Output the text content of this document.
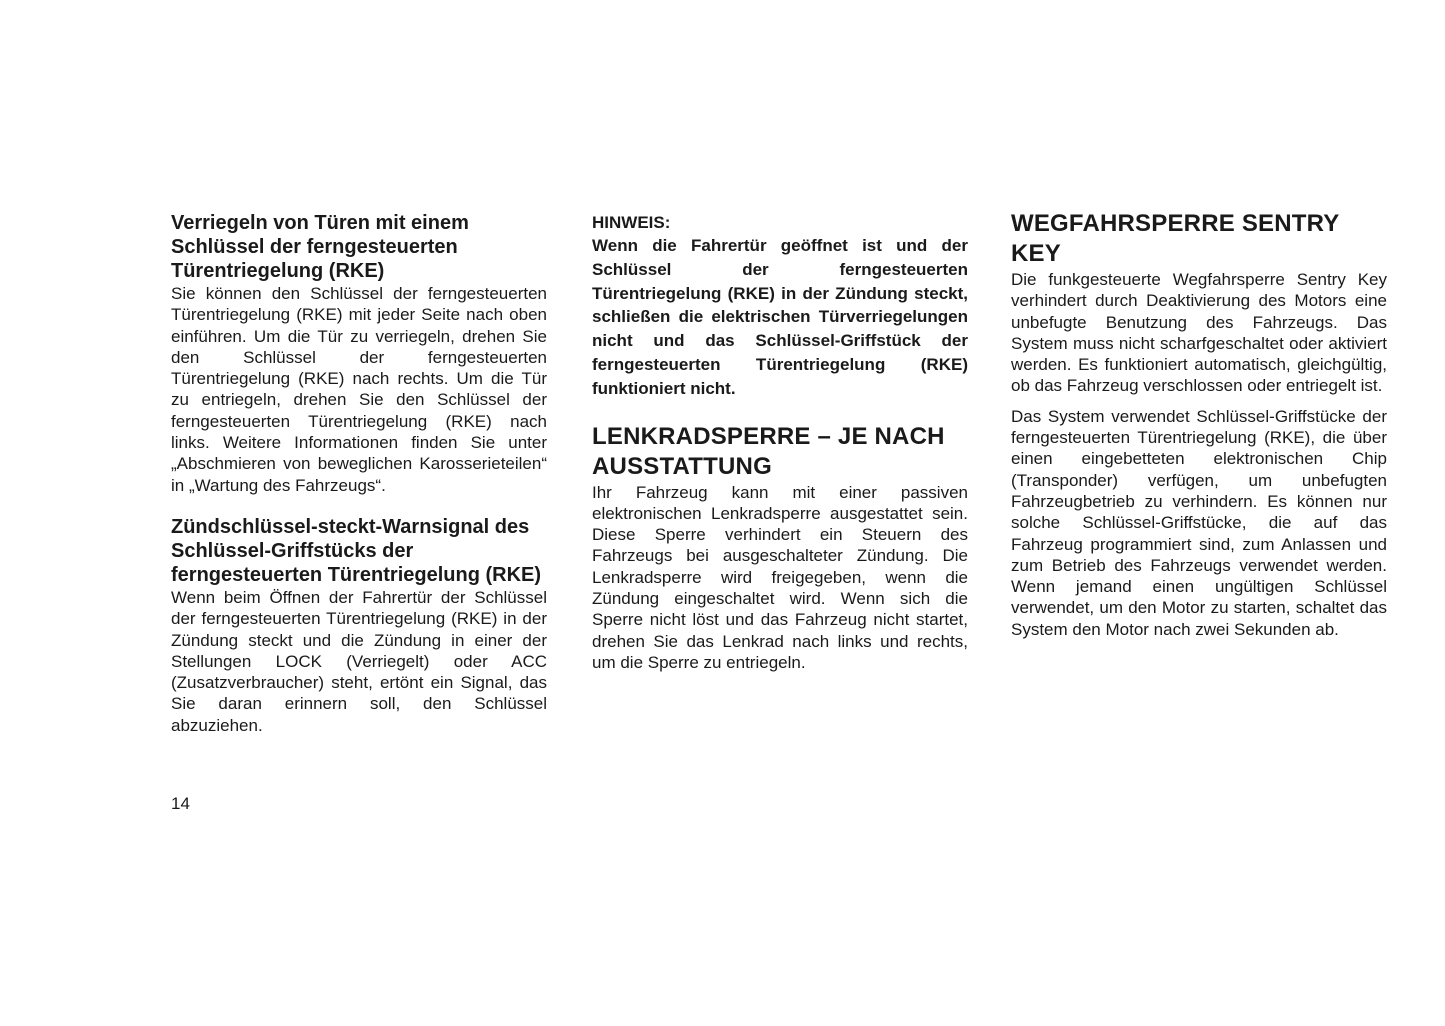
Verriegeln von Türen mit einem Schlüssel der ferngesteuerten Türentriegelung (RKE)

Sie können den Schlüssel der ferngesteuerten Türentriegelung (RKE) mit jeder Seite nach oben einführen. Um die Tür zu verriegeln, drehen Sie den Schlüssel der ferngesteuerten Türentriegelung (RKE) nach rechts. Um die Tür zu entriegeln, drehen Sie den Schlüssel der ferngesteuerten Türentriegelung (RKE) nach links. Weitere Informationen finden Sie unter „Abschmieren von beweglichen Karosserieteilen“ in „Wartung des Fahrzeugs“.

Zündschlüssel-steckt-Warnsignal des Schlüssel-Griffstücks der ferngesteuerten Türentriegelung (RKE)

Wenn beim Öffnen der Fahrertür der Schlüssel der ferngesteuerten Türentriegelung (RKE) in der Zündung steckt und die Zündung in einer der Stellungen LOCK (Verriegelt) oder ACC (Zusatzverbraucher) steht, ertönt ein Signal, das Sie daran erinnern soll, den Schlüssel abzuziehen.

HINWEIS:
Wenn die Fahrertür geöffnet ist und der Schlüssel der ferngesteuerten Türentriegelung (RKE) in der Zündung steckt, schließen die elektrischen Türverriegelungen nicht und das Schlüssel-Griffstück der ferngesteuerten Türentriegelung (RKE) funktioniert nicht.
LENKRADSPERRE – JE NACH AUSSTATTUNG

Ihr Fahrzeug kann mit einer passiven elektronischen Lenkradsperre ausgestattet sein. Diese Sperre verhindert ein Steuern des Fahrzeugs bei ausgeschalteter Zündung. Die Lenkradsperre wird freigegeben, wenn die Zündung eingeschaltet wird. Wenn sich die Sperre nicht löst und das Fahrzeug nicht startet, drehen Sie das Lenkrad nach links und rechts, um die Sperre zu entriegeln.

WEGFAHRSPERRE SENTRY KEY

Die funkgesteuerte Wegfahrsperre Sentry Key verhindert durch Deaktivierung des Motors eine unbefugte Benutzung des Fahrzeugs. Das System muss nicht scharfgeschaltet oder aktiviert werden. Es funktioniert automatisch, gleichgültig, ob das Fahrzeug verschlossen oder entriegelt ist.

Das System verwendet Schlüssel-Griffstücke der ferngesteuerten Türentriegelung (RKE), die über einen eingebetteten elektronischen Chip (Transponder) verfügen, um unbefugten Fahrzeugbetrieb zu verhindern. Es können nur solche Schlüssel-Griffstücke, die auf das Fahrzeug programmiert sind, zum Anlassen und zum Betrieb des Fahrzeugs verwendet werden. Wenn jemand einen ungültigen Schlüssel verwendet, um den Motor zu starten, schaltet das System den Motor nach zwei Sekunden ab.

14
